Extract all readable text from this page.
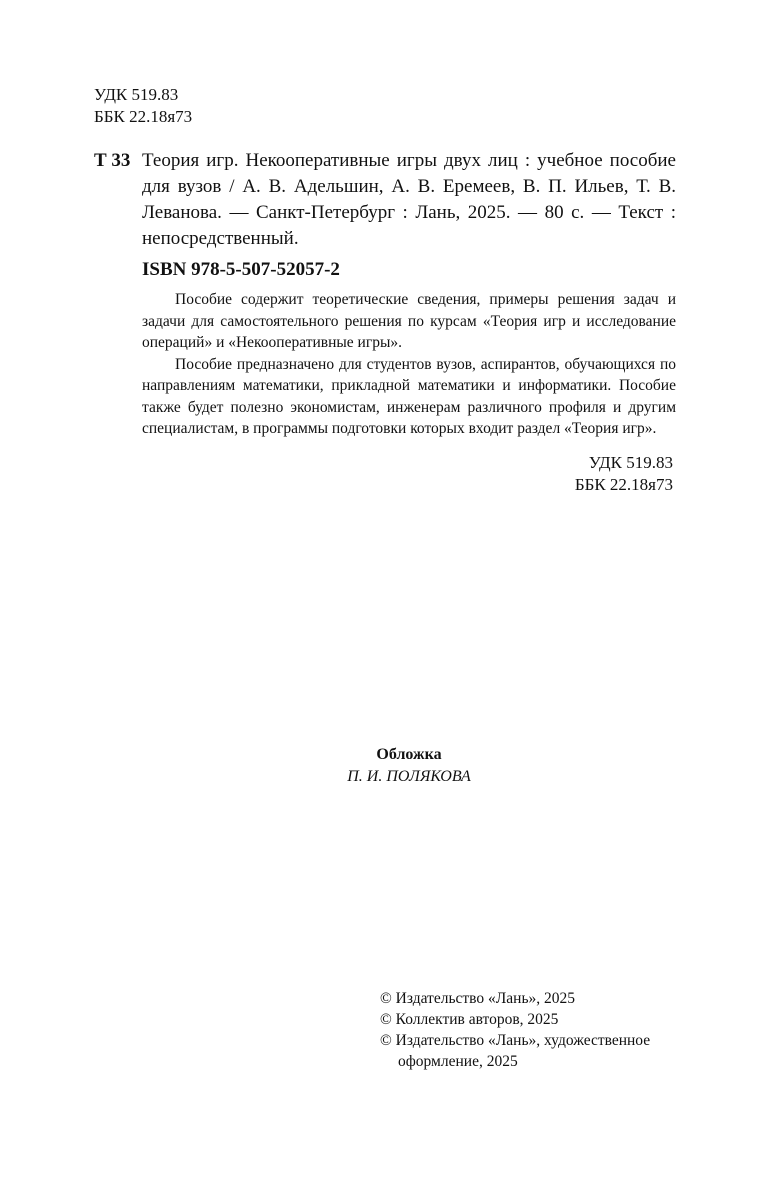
УДК 519.83
ББК 22.18я73
Т 33 Теория игр. Некооперативные игры двух лиц : учебное пособие для вузов / А. В. Адельшин, А. В. Еремеев, В. П. Ильев, Т. В. Леванова. — Санкт-Петербург : Лань, 2025. — 80 с. — Текст : непосредственный.
ISBN 978-5-507-52057-2

Пособие содержит теоретические сведения, примеры решения задач и задачи для самостоятельного решения по курсам «Теория игр и исследование операций» и «Некооперативные игры».

Пособие предназначено для студентов вузов, аспирантов, обучающихся по направлениям математики, прикладной математики и информатики. Пособие также будет полезно экономистам, инженерам различного профиля и другим специалистам, в программы подготовки которых входит раздел «Теория игр».

УДК 519.83
ББК 22.18я73
Обложка
П. И. ПОЛЯКОВА
© Издательство «Лань», 2025
© Коллектив авторов, 2025
© Издательство «Лань», художественное оформление, 2025
